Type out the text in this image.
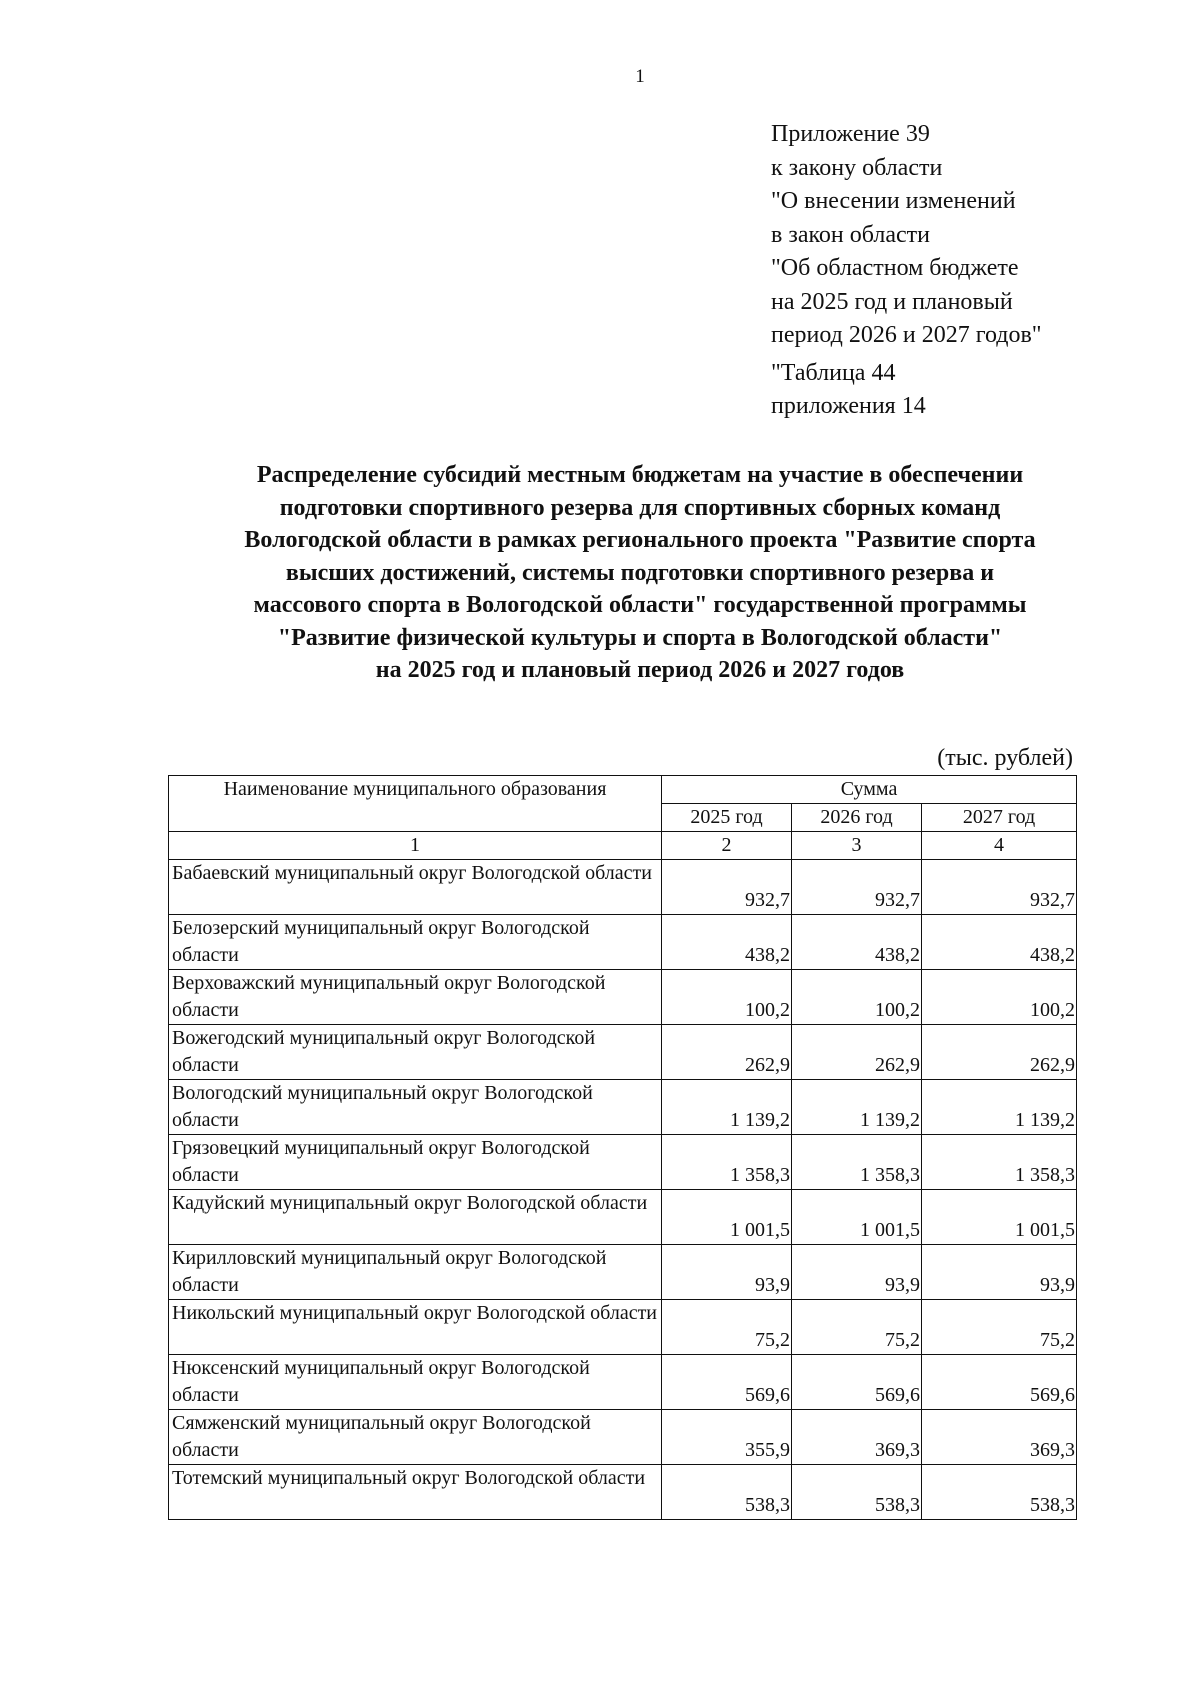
1
Приложение 39
к закону области
"О внесении изменений
в закон области
"Об областном бюджете
на 2025 год и плановый
период 2026 и 2027 годов"
"Таблица 44
приложения 14
Распределение субсидий местным бюджетам на участие в обеспечении
подготовки спортивного резерва для спортивных сборных команд
Вологодской области в рамках регионального проекта "Развитие спорта
высших достижений, системы подготовки спортивного резерва и
массового спорта в Вологодской области" государственной программы
"Развитие физической культуры и спорта в Вологодской области"
на 2025 год и плановый период 2026 и 2027 годов
(тыс. рублей)
Наименование муниципального образования	Сумма		
	2025 год	2026 год	2027 год
1	2	3	4
Бабаевский муниципальный округ Вологодской области	932,7	932,7	932,7
Белозерский муниципальный округ Вологодской области	438,2	438,2	438,2
Верховажский муниципальный округ Вологодской области	100,2	100,2	100,2
Вожегодский муниципальный округ Вологодской области	262,9	262,9	262,9
Вологодский муниципальный округ Вологодской области	1 139,2	1 139,2	1 139,2
Грязовецкий муниципальный округ Вологодской области	1 358,3	1 358,3	1 358,3
Кадуйский муниципальный округ Вологодской области	1 001,5	1 001,5	1 001,5
Кирилловский муниципальный округ Вологодской области	93,9	93,9	93,9
Никольский муниципальный округ Вологодской области	75,2	75,2	75,2
Нюксенский муниципальный округ Вологодской области	569,6	569,6	569,6
Сямженский муниципальный округ Вологодской области	355,9	369,3	369,3
Тотемский муниципальный округ Вологодской области	538,3	538,3	538,3
